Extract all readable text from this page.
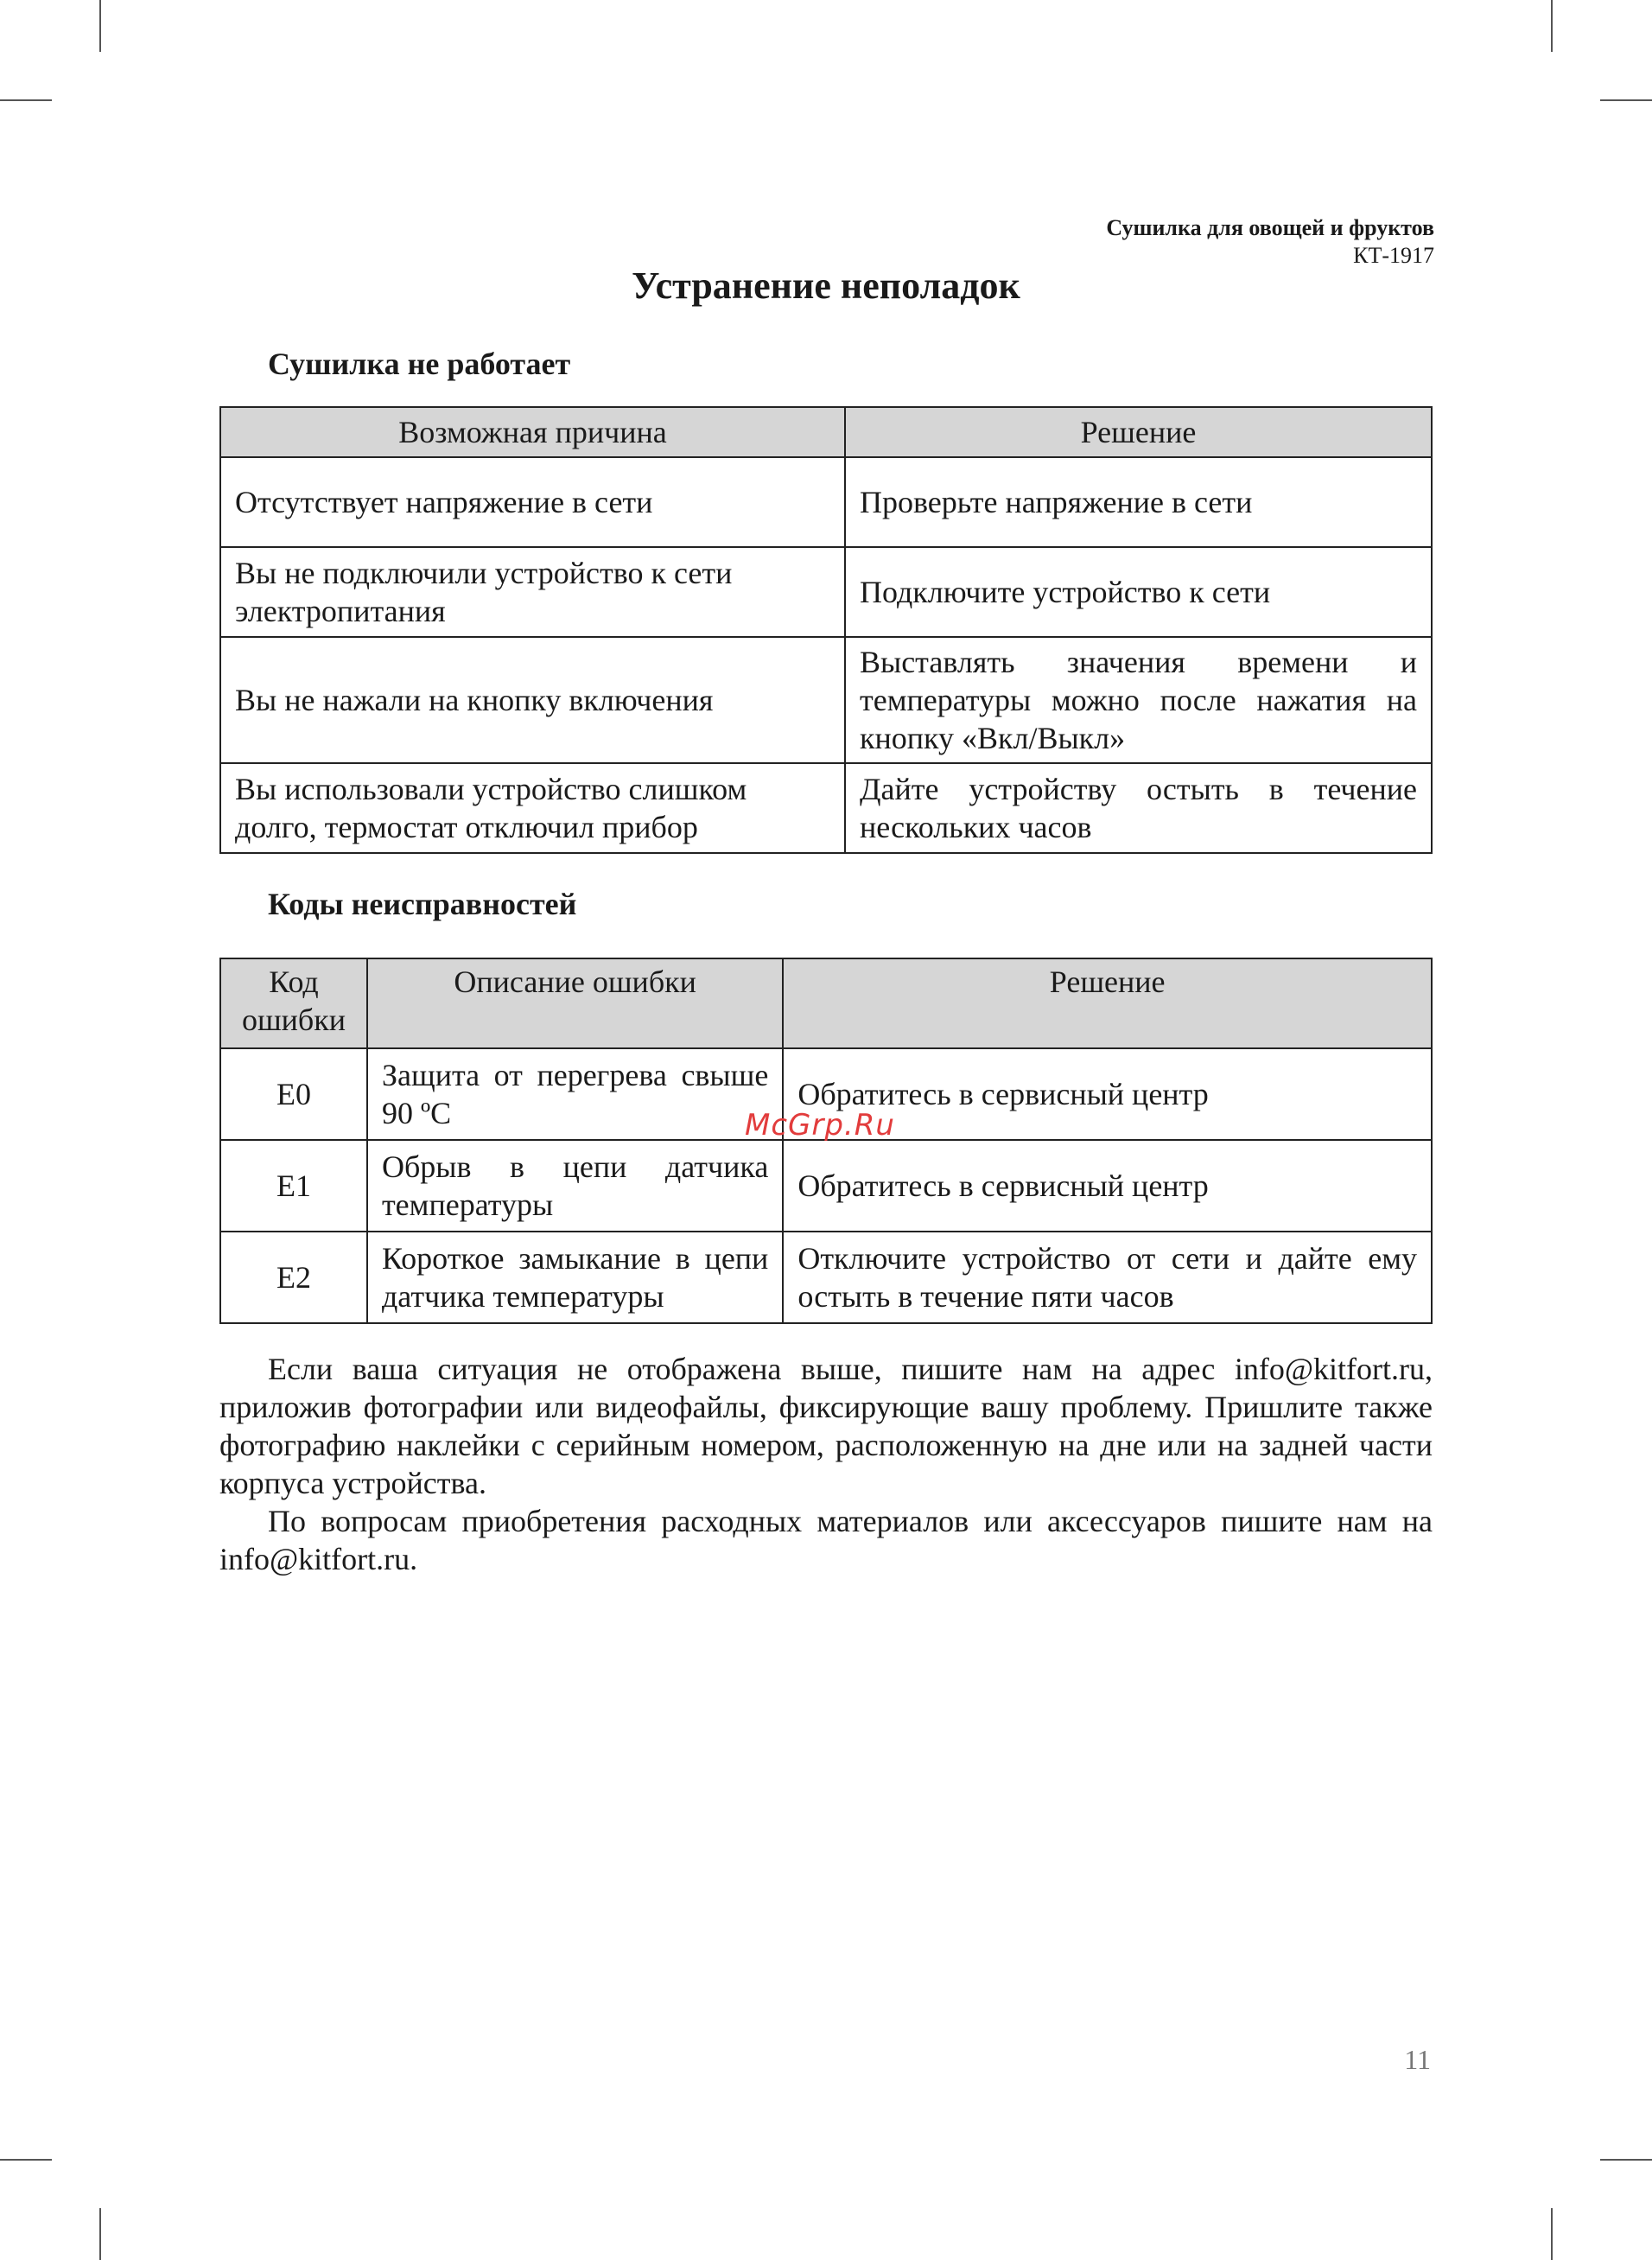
Сушилка для овощей и фруктов
КТ-1917
Устранение неполадок
Сушилка не работает
Возможная причина	Решение
Отсутствует напряжение в сети	Проверьте напряжение в сети
Вы не подключили устройство к сети электропитания	Подключите устройство к сети
Вы не нажали на кнопку включения	Выставлять значения времени и температуры можно после нажатия на кнопку «Вкл/Выкл»
Вы использовали устройство слишком долго, термостат отключил прибор	Дайте устройству остыть в течение нескольких часов
Коды неисправностей
Код ошибки	Описание ошибки	Решение
E0	Защита от перегрева свыше 90 ºС	Обратитесь в сервисный центр
E1	Обрыв в цепи датчика температуры	Обратитесь в сервисный центр
E2	Короткое замыкание в цепи датчика температуры	Отключите устройство от сети и дайте ему остыть в течение пяти часов
McGrp.Ru

Если ваша ситуация не отображена выше, пишите нам на адрес info@kitfort.ru, приложив фотографии или видеофайлы, фиксирующие вашу проблему. Пришлите также фотографию наклейки с серийным номером, расположенную на дне или на задней части корпуса устройства.

По вопросам приобретения расходных материалов или аксессуаров пишите нам на info@kitfort.ru.

11
